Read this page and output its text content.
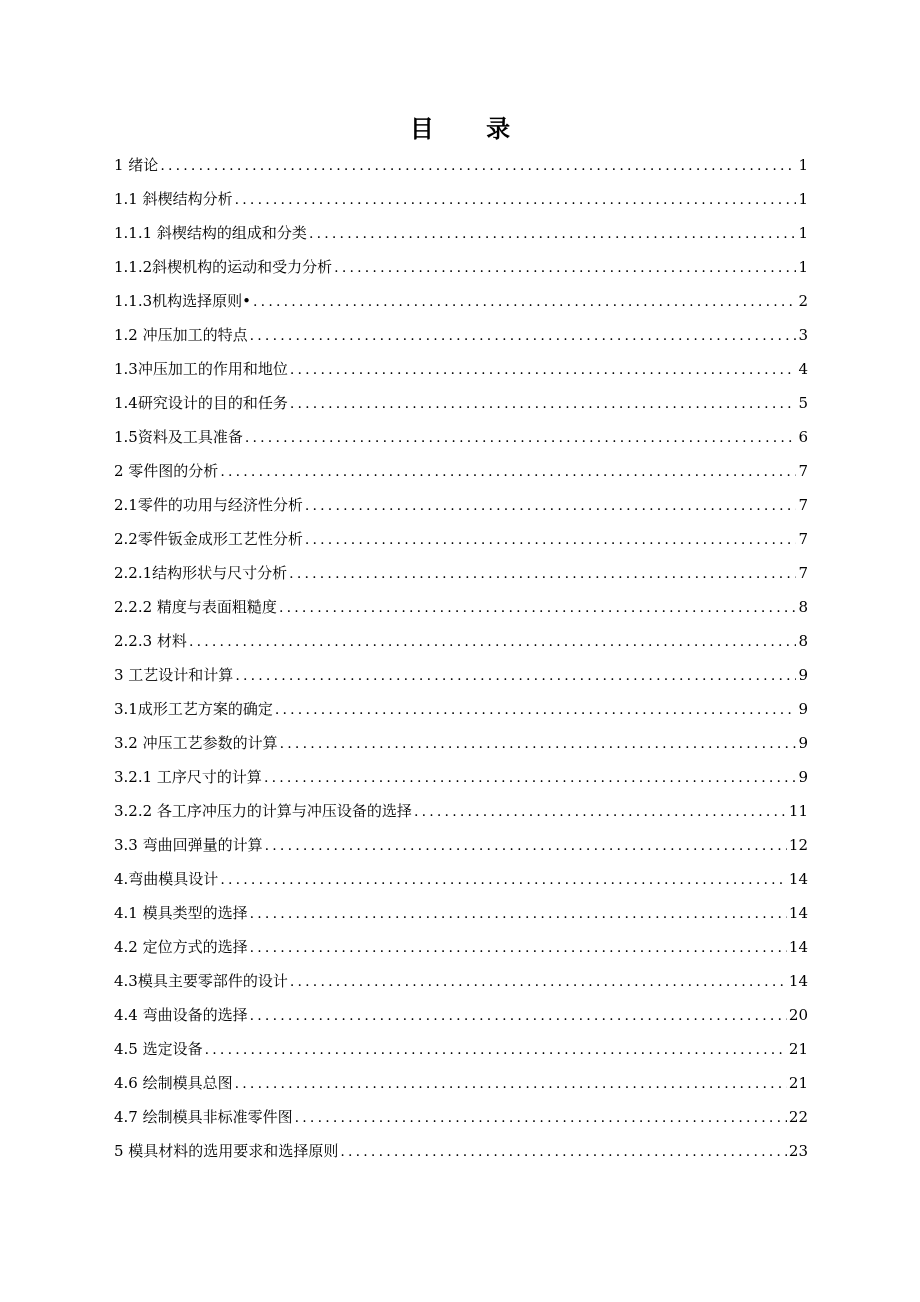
目 录
1 绪论 .....	1
1.1 斜楔结构分析 .....	1
1.1.1 斜楔结构的组成和分类 .....	1
1.1.2斜楔机构的运动和受力分析 .....	1
1.1.3机构选择原则• .....	2
1.2 冲压加工的特点 .....	3
1.3冲压加工的作用和地位 .....	4
1.4研究设计的目的和任务 .....	5
1.5资料及工具准备 .....	6
2 零件图的分析 .....	7
2.1零件的功用与经济性分析 .....	7
2.2零件钣金成形工艺性分析 .....	7
2.2.1结构形状与尺寸分析 .....	7
2.2.2 精度与表面粗糙度 .....	8
2.2.3 材料 .....	8
3 工艺设计和计算 .....	9
3.1成形工艺方案的确定 .....	9
3.2 冲压工艺参数的计算 .....	9
3.2.1 工序尺寸的计算 .....	9
3.2.2 各工序冲压力的计算与冲压设备的选择 .....	11
3.3 弯曲回弹量的计算 .....	12
4.弯曲模具设计 .....	14
4.1 模具类型的选择 .....	14
4.2 定位方式的选择 .....	14
4.3模具主要零部件的设计 .....	14
4.4 弯曲设备的选择 .....	20
4.5 选定设备 .....	21
4.6 绘制模具总图 .....	21
4.7 绘制模具非标准零件图 .....	22
5 模具材料的选用要求和选择原则 .....	23
